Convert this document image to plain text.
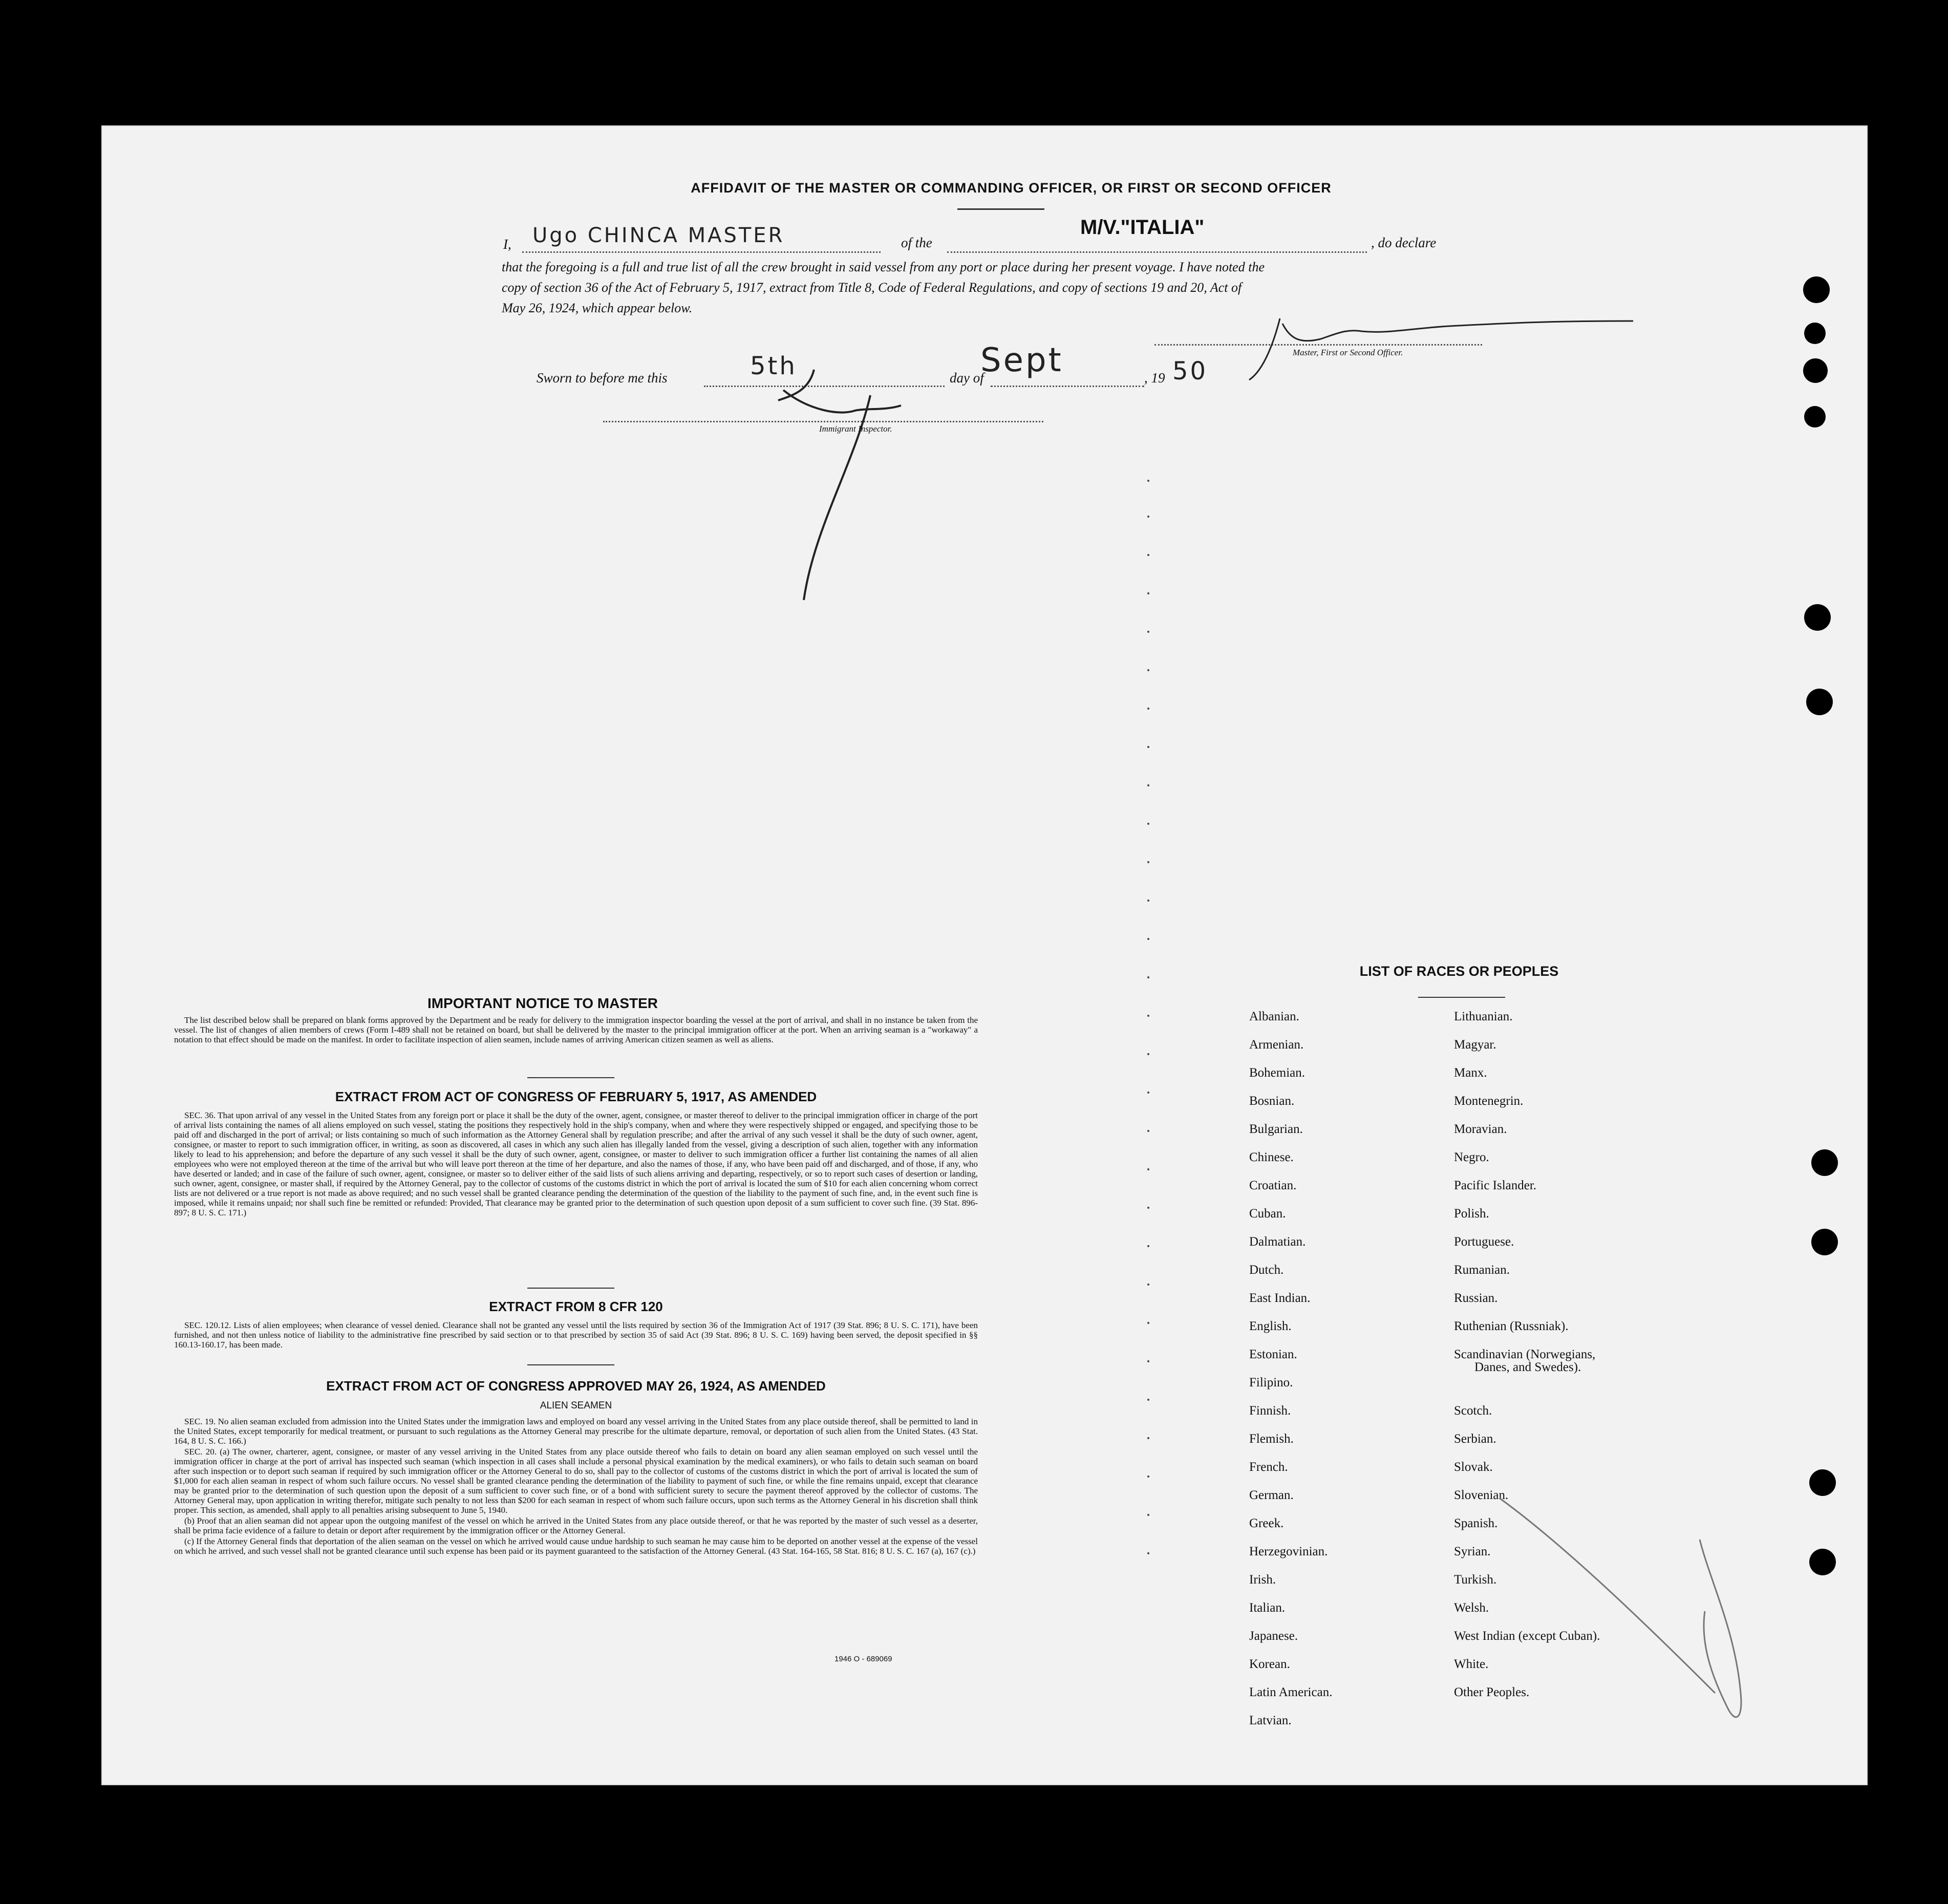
AFFIDAVIT OF THE MASTER OR COMMANDING OFFICER, OR FIRST OR SECOND OFFICER
I, Ugo CHINCA MASTER	of the
M/V."ITALIA"
, do declare

that the foregoing is a full and true list of all the crew brought in said vessel from any port or place during her present voyage. I have noted the

copy of section 36 of the Act of February 5, 1917, extract from Title 8, Code of Federal Regulations, and copy of sections 19 and 20, Act of

May 26, 1924, which appear below.

Master, First or Second Officer.
Sworn to before me this	5th	day of
Sept	, 19 50
Immigrant Inspector.
IMPORTANT NOTICE TO MASTER

The list described below shall be prepared on blank forms approved by the Department and be ready for delivery to the immigration inspector boarding the vessel at the port of arrival, and shall in no instance be taken from the vessel. The list of changes of alien members of crews (Form I-489 shall not be retained on board, but shall be delivered by the master to the principal immigration officer at the port. When an arriving seaman is a "workaway" a notation to that effect should be made on the manifest. In order to facilitate inspection of alien seamen, include names of arriving American citizen seamen as well as aliens.

EXTRACT FROM ACT OF CONGRESS OF FEBRUARY 5, 1917, AS AMENDED

SEC. 36. That upon arrival of any vessel in the United States from any foreign port or place it shall be the duty of the owner, agent, consignee, or master thereof to deliver to the principal immigration officer in charge of the port of arrival lists containing the names of all aliens employed on such vessel, stating the positions they respectively hold in the ship's company, when and where they were respectively shipped or engaged, and specifying those to be paid off and discharged in the port of arrival; or lists containing so much of such information as the Attorney General shall by regulation prescribe; and after the arrival of any such vessel it shall be the duty of such owner, agent, consignee, or master to report to such immigration officer, in writing, as soon as discovered, all cases in which any such alien has illegally landed from the vessel, giving a description of such alien, together with any information likely to lead to his apprehension; and before the departure of any such vessel it shall be the duty of such owner, agent, consignee, or master to deliver to such immigration officer a further list containing the names of all alien employees who were not employed thereon at the time of the arrival but who will leave port thereon at the time of her departure, and also the names of those, if any, who have been paid off and discharged, and of those, if any, who have deserted or landed; and in case of the failure of such owner, agent, consignee, or master so to deliver either of the said lists of such aliens arriving and departing, respectively, or so to report such cases of desertion or landing, such owner, agent, consignee, or master shall, if required by the Attorney General, pay to the collector of customs of the customs district in which the port of arrival is located the sum of $10 for each alien concerning whom correct lists are not delivered or a true report is not made as above required; and no such vessel shall be granted clearance pending the determination of the question of the liability to the payment of such fine, and, in the event such fine is imposed, while it remains unpaid; nor shall such fine be remitted or refunded: Provided, That clearance may be granted prior to the determination of such question upon deposit of a sum sufficient to cover such fine. (39 Stat. 896-897; 8 U. S. C. 171.)

EXTRACT FROM 8 CFR 120

SEC. 120.12. Lists of alien employees; when clearance of vessel denied. Clearance shall not be granted any vessel until the lists required by section 36 of the Immigration Act of 1917 (39 Stat. 896; 8 U. S. C. 171), have been furnished, and not then unless notice of liability to the administrative fine prescribed by said section or to that prescribed by section 35 of said Act (39 Stat. 896; 8 U. S. C. 169) having been served, the deposit specified in §§ 160.13-160.17, has been made.

EXTRACT FROM ACT OF CONGRESS APPROVED MAY 26, 1924, AS AMENDED
ALIEN SEAMEN

SEC. 19. No alien seaman excluded from admission into the United States under the immigration laws and employed on board any vessel arriving in the United States from any place outside thereof, shall be permitted to land in the United States, except temporarily for medical treatment, or pursuant to such regulations as the Attorney General may prescribe for the ultimate departure, removal, or deportation of such alien from the United States. (43 Stat. 164, 8 U. S. C. 166.)

SEC. 20. (a) The owner, charterer, agent, consignee, or master of any vessel arriving in the United States from any place outside thereof who fails to detain on board any alien seaman employed on such vessel until the immigration officer in charge at the port of arrival has inspected such seaman (which inspection in all cases shall include a personal physical examination by the medical examiners), or who fails to detain such seaman on board after such inspection or to deport such seaman if required by such immigration officer or the Attorney General to do so, shall pay to the collector of customs of the customs district in which the port of arrival is located the sum of $1,000 for each alien seaman in respect of whom such failure occurs. No vessel shall be granted clearance pending the determination of the liability to payment of such fine, or while the fine remains unpaid, except that clearance may be granted prior to the determination of such question upon the deposit of a sum sufficient to cover such fine, or of a bond with sufficient surety to secure the payment thereof approved by the collector of customs. The Attorney General may, upon application in writing therefor, mitigate such penalty to not less than $200 for each seaman in respect of whom such failure occurs, upon such terms as the Attorney General in his discretion shall think proper. This section, as amended, shall apply to all penalties arising subsequent to June 5, 1940.

(b) Proof that an alien seaman did not appear upon the outgoing manifest of the vessel on which he arrived in the United States from any place outside thereof, or that he was reported by the master of such vessel as a deserter, shall be prima facie evidence of a failure to detain or deport after requirement by the immigration officer or the Attorney General.

(c) If the Attorney General finds that deportation of the alien seaman on the vessel on which he arrived would cause undue hardship to such seaman he may cause him to be deported on another vessel at the expense of the vessel on which he arrived, and such vessel shall not be granted clearance until such expense has been paid or its payment guaranteed to the satisfaction of the Attorney General. (43 Stat. 164-165, 58 Stat. 816; 8 U. S. C. 167 (a), 167 (c).)

1946 O - 689069
LIST OF RACES OR PEOPLES
Albanian.
Armenian.
Bohemian.
Bosnian.
Bulgarian.
Chinese.
Croatian.
Cuban.
Dalmatian.
Dutch.
East Indian.
English.
Estonian.
Filipino.
Finnish.
Flemish.
French.
German.
Greek.
Herzegovinian.
Irish.
Italian.
Japanese.
Korean.
Latin American.
Latvian.
Lithuanian.
Magyar.
Manx.
Montenegrin.
Moravian.
Negro.
Pacific Islander.
Polish.
Portuguese.
Rumanian.
Russian.
Ruthenian (Russniak).
Scandinavian (Norwegians,
Danes, and Swedes).
Scotch.
Serbian.
Slovak.
Slovenian.
Spanish.
Syrian.
Turkish.
Welsh.
West Indian (except Cuban).
White.
Other Peoples.
